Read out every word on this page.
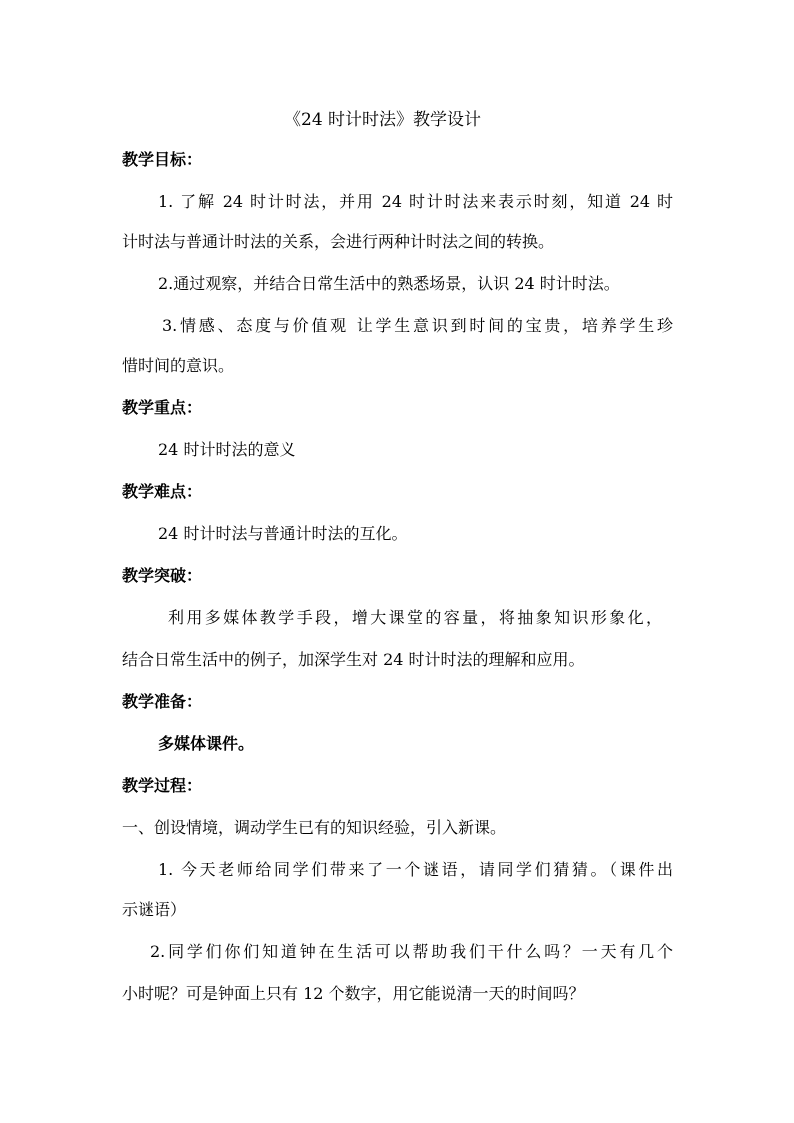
《24 时计时法》教学设计
教学目标：
1. 了解 24 时计时法，并用 24 时计时法来表示时刻，知道 24 时
计时法与普通计时法的关系，会进行两种计时法之间的转换。
2.通过观察，并结合日常生活中的熟悉场景，认识 24 时计时法。
3.情感、态度与价值观 让学生意识到时间的宝贵，培养学生珍
惜时间的意识。
教学重点：
24 时计时法的意义
教学难点：
24 时计时法与普通计时法的互化。
教学突破：
利用多媒体教学手段，增大课堂的容量，将抽象知识形象化，
结合日常生活中的例子，加深学生对 24 时计时法的理解和应用。
教学准备：
多媒体课件。
教学过程：
一、创设情境，调动学生已有的知识经验，引入新课。
1. 今天老师给同学们带来了一个谜语，请同学们猜猜。（课件出
示谜语）
2.同学们你们知道钟在生活可以帮助我们干什么吗？一天有几个
小时呢？可是钟面上只有 12 个数字，用它能说清一天的时间吗？
